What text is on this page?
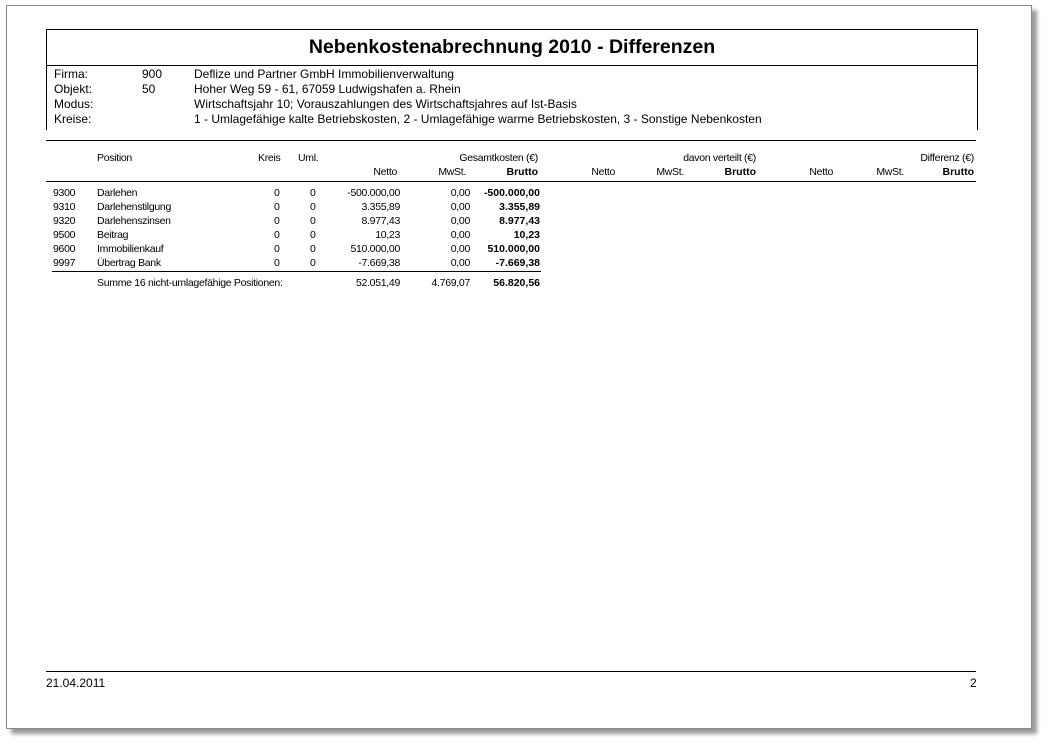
Nebenkostenabrechnung 2010 - Differenzen
Firma:	900	Deflize und Partner GmbH Immobilienverwaltung
Objekt:	50	Hoher Weg 59 - 61, 67059 Ludwigshafen a. Rhein
Modus:	Wirtschaftsjahr 10; Vorauszahlungen des Wirtschaftsjahres auf Ist-Basis
Kreise:	1 - Umlagefähige kalte Betriebskosten, 2 - Umlagefähige warme Betriebskosten, 3 - Sonstige Nebenkosten
Position	Kreis Uml.	Gesamtkosten (€)	davon verteilt (€)	Differenz (€)
Netto	MwSt.	Brutto	Netto	MwSt.	Brutto	Netto	MwSt.	Brutto
9300 Darlehen	0	0	-500.000,00	0,00	-500.000,00
9310 Darlehenstilgung	0	0	3.355,89	0,00	3.355,89
9320 Darlehenszinsen	0	0	8.977,43	0,00	8.977,43
9500 Beitrag	0	0	10,23	0,00	10,23
9600 Immobilienkauf	0	0	510.000,00	0,00	510.000,00
9997 Übertrag Bank	0	0	-7.669,38	0,00	-7.669,38
Summe 16 nicht-umlagefähige Positionen:	52.051,49	4.769,07	56.820,56
21.04.2011	2
